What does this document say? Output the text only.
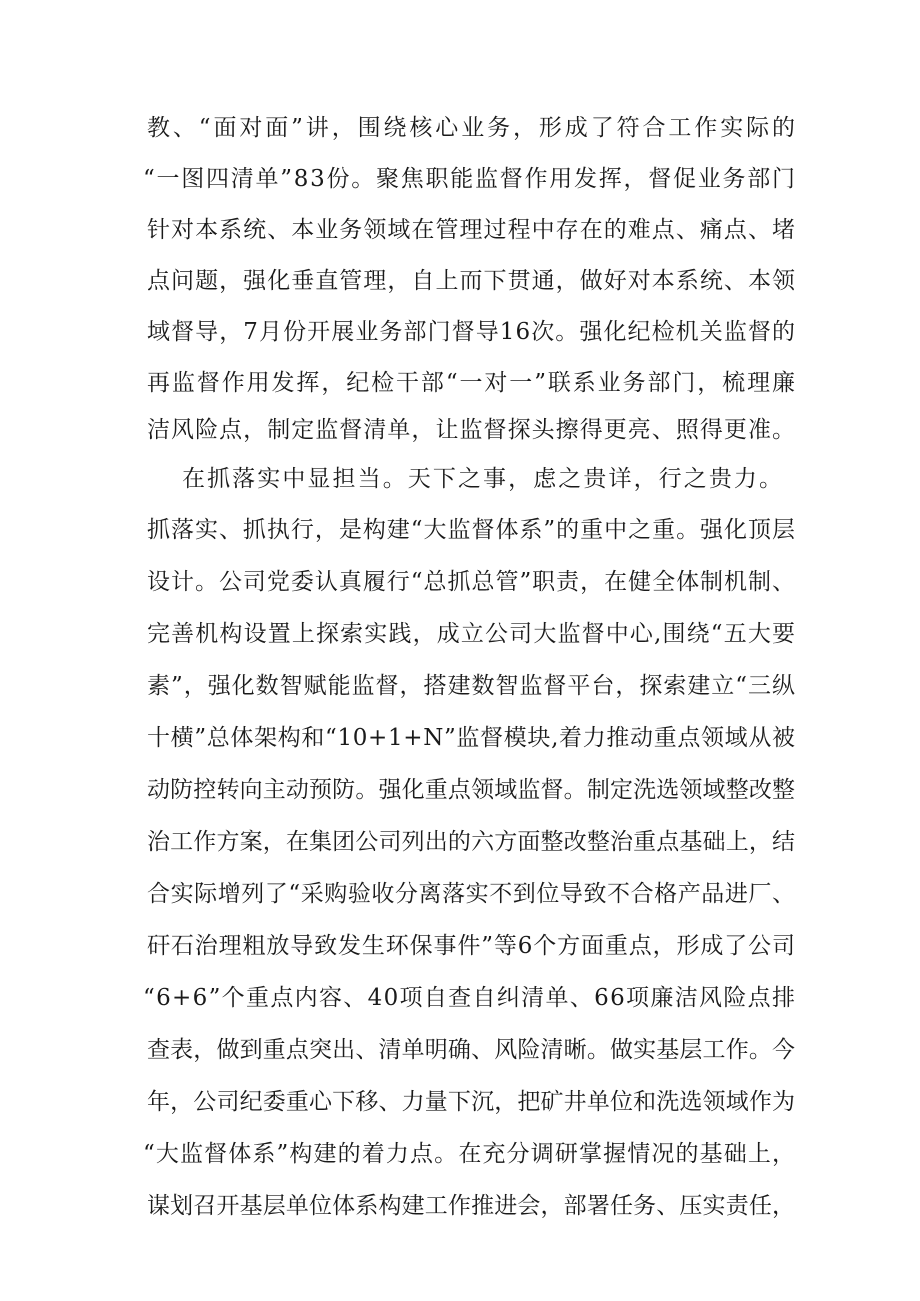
教、“面对面”讲，围绕核心业务，形成了符合工作实际的
“一图四清单”83份。聚焦职能监督作用发挥，督促业务部门
针对本系统、本业务领域在管理过程中存在的难点、痛点、堵
点问题，强化垂直管理，自上而下贯通，做好对本系统、本领
域督导，7月份开展业务部门督导16次。强化纪检机关监督的
再监督作用发挥，纪检干部“一对一”联系业务部门，梳理廉
洁风险点，制定监督清单，让监督探头擦得更亮、照得更准。
在抓落实中显担当。天下之事，虑之贵详，行之贵力。
抓落实、抓执行，是构建“大监督体系”的重中之重。强化顶层
设计。公司党委认真履行“总抓总管”职责，在健全体制机制、
完善机构设置上探索实践，成立公司大监督中心,围绕“五大要
素”，强化数智赋能监督，搭建数智监督平台，探索建立“三纵
十横”总体架构和“10+1+N”监督模块,着力推动重点领域从被
动防控转向主动预防。强化重点领域监督。制定洗选领域整改整
治工作方案，在集团公司列出的六方面整改整治重点基础上，结
合实际增列了“采购验收分离落实不到位导致不合格产品进厂、
矸石治理粗放导致发生环保事件”等6个方面重点，形成了公司
“6+6”个重点内容、40项自查自纠清单、66项廉洁风险点排
查表，做到重点突出、清单明确、风险清晰。做实基层工作。今
年，公司纪委重心下移、力量下沉，把矿井单位和洗选领域作为
“大监督体系”构建的着力点。在充分调研掌握情况的基础上，
谋划召开基层单位体系构建工作推进会，部署任务、压实责任，
